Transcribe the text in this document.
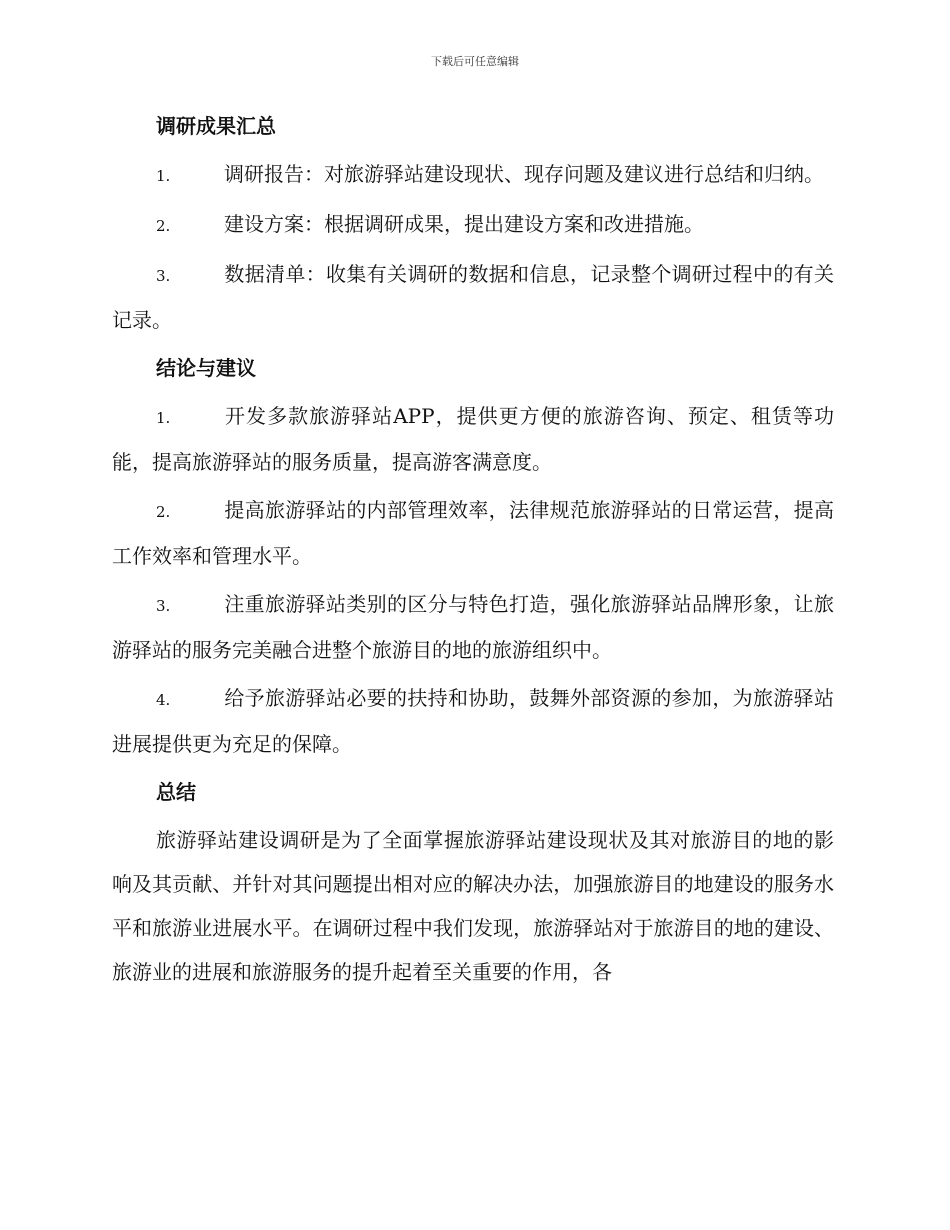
下载后可任意编辑
调研成果汇总
1.	调研报告：对旅游驿站建设现状、现存问题及建议进行总结和归纳。
2.	建设方案：根据调研成果，提出建设方案和改进措施。
3.	数据清单：收集有关调研的数据和信息，记录整个调研过程中的有关记录。
结论与建议
1.	开发多款旅游驿站APP，提供更方便的旅游咨询、预定、租赁等功能，提高旅游驿站的服务质量，提高游客满意度。
2.	提高旅游驿站的内部管理效率，法律规范旅游驿站的日常运营，提高工作效率和管理水平。
3.	注重旅游驿站类别的区分与特色打造，强化旅游驿站品牌形象，让旅游驿站的服务完美融合进整个旅游目的地的旅游组织中。
4.	给予旅游驿站必要的扶持和协助，鼓舞外部资源的参加，为旅游驿站进展提供更为充足的保障。
总结

旅游驿站建设调研是为了全面掌握旅游驿站建设现状及其对旅游目的地的影响及其贡献、并针对其问题提出相对应的解决办法，加强旅游目的地建设的服务水平和旅游业进展水平。在调研过程中我们发现，旅游驿站对于旅游目的地的建设、旅游业的进展和旅游服务的提升起着至关重要的作用，各
